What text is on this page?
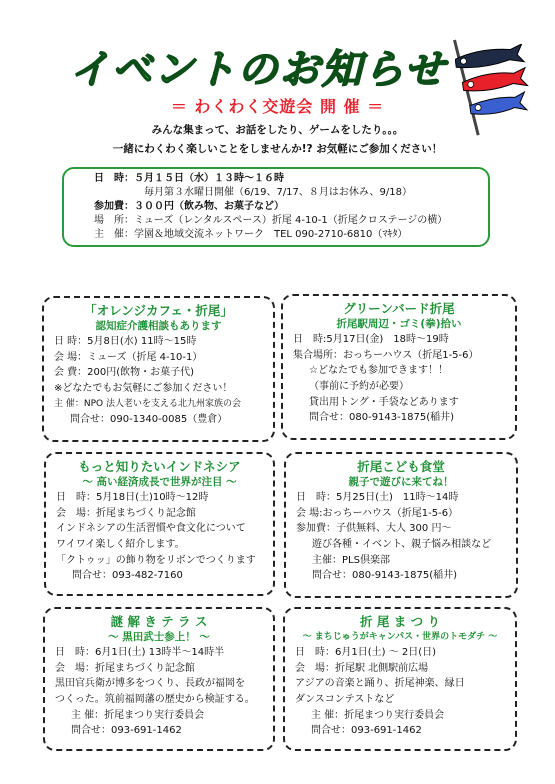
イベントのお知らせ
＝ わくわく交遊会 開 催 ＝
みんな集まって、お話をしたり、ゲームをしたり。。。
一緒にわくわく楽しいことをしませんか!? お気軽にご参加ください！
日　時：５月１５日（水）１３時～１６時
毎月第３水曜日開催（6/19、7/17、８月はお休み、9/18）
参加費：３００円（飲み物、お菓子など）
場　所：ミューズ（レンタルスペース）折尾 4-10-1（折尾クロステージの横）
主　催：学園＆地域交流ネットワーク　TEL 090-2710-6810（ﾏｷﾀ）
「オレンジカフェ・折尾」
認知症介護相談もあります
日 時：5月8日(水) 11時～15時
会 場：ミューズ（折尾 4-10-1）
会 費：200円(飲物・お菓子代)
※どなたでもお気軽にご参加ください！
主 催：NPO 法人老いを支える北九州家族の会
問合せ：090-1340-0085（豊倉）
グリーンバード折尾
折尾駅周辺・ゴミ(拳)拾い
日　時:5月17日(金)　18時～19時
集合場所：おっちーハウス（折尾1-5-6）
☆どなたでも参加できます！！
（事前に予約が必要）
貸出用トング・手袋などあります
問合せ：080-9143-1875(稲井)
もっと知りたいインドネシア
～ 高い経済成長で世界が注目 ～
日　時：5月18日(土)10時～12時
会　場：折尾まちづくり記念館
インドネシアの生活習慣や食文化について
ワイワイ楽しく紹介します。
「クトゥッ」の飾り物をリボンでつくります
問合せ：093-482-7160
折尾こども食堂
親子で遊びに来てね！
日　時：5月25日(土)　11時～14時
会 場:おっちーハウス（折尾1-5-6）
参加費：子供無料、大人 300 円～
遊び各種・イベント、親子悩み相談など
主催：PLS倶楽部
問合せ：080-9143-1875(稲井)
謎 解 き テ ラ ス
～ 黒田武士参上！ ～
日　時：6月1日(土) 13時半～14時半
会　場：折尾まちづくり記念館
黒田官兵衛が博多をつくり、長政が福岡を
つくった。筑前福岡藩の歴史から検証する。
主 催：折尾まつり実行委員会
問合せ：093-691-1462
折 尾 ま つ り
～ まちじゅうがキャンパス・世界のトモダチ ～
日　時：6月1日(土) ～ 2日(日)
会　場：折尾駅 北側駅前広場
アジアの音楽と踊り、折尾神楽、縁日
ダンスコンテストなど
主 催：折尾まつり実行委員会
問合せ：093-691-1462
